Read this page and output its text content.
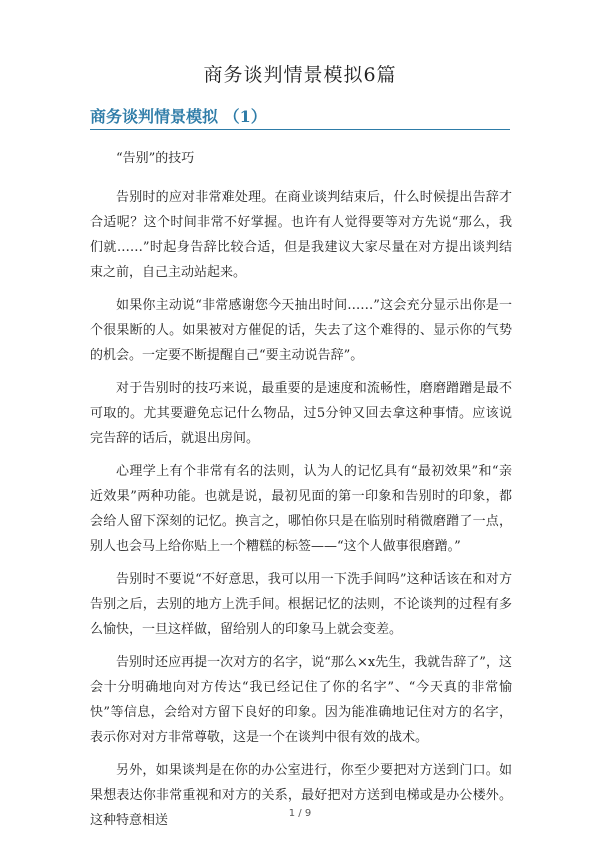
商务谈判情景模拟6篇
商务谈判情景模拟 （1）

“告别”的技巧

告别时的应对非常难处理。在商业谈判结束后，什么时候提出告辞才合适呢？这个时间非常不好掌握。也许有人觉得要等对方先说“那么，我们就……”时起身告辞比较合适，但是我建议大家尽量在对方提出谈判结束之前，自己主动站起来。

如果你主动说“非常感谢您今天抽出时间……”这会充分显示出你是一个很果断的人。如果被对方催促的话，失去了这个难得的、显示你的气势的机会。一定要不断提醒自己“要主动说告辞”。

对于告别时的技巧来说，最重要的是速度和流畅性，磨磨蹭蹭是最不可取的。尤其要避免忘记什么物品，过5分钟又回去拿这种事情。应该说完告辞的话后，就退出房间。

心理学上有个非常有名的法则，认为人的记忆具有“最初效果”和“亲近效果”两种功能。也就是说，最初见面的第一印象和告别时的印象，都会给人留下深刻的记忆。换言之，哪怕你只是在临别时稍微磨蹭了一点，别人也会马上给你贴上一个糟糕的标签——“这个人做事很磨蹭。”

告别时不要说“不好意思，我可以用一下洗手间吗”这种话该在和对方告别之后，去别的地方上洗手间。根据记忆的法则，不论谈判的过程有多么愉快，一旦这样做，留给别人的印象马上就会变差。

告别时还应再提一次对方的名字，说“那么×x先生，我就告辞了”，这会十分明确地向对方传达“我已经记住了你的名字”、“今天真的非常愉快”等信息，会给对方留下良好的印象。因为能准确地记住对方的名字，表示你对对方非常尊敬，这是一个在谈判中很有效的战术。

另外，如果谈判是在你的办公室进行，你至少要把对方送到门口。如果想表达你非常重视和对方的关系，最好把对方送到电梯或是办公楼外。这种特意相送	1 / 9
